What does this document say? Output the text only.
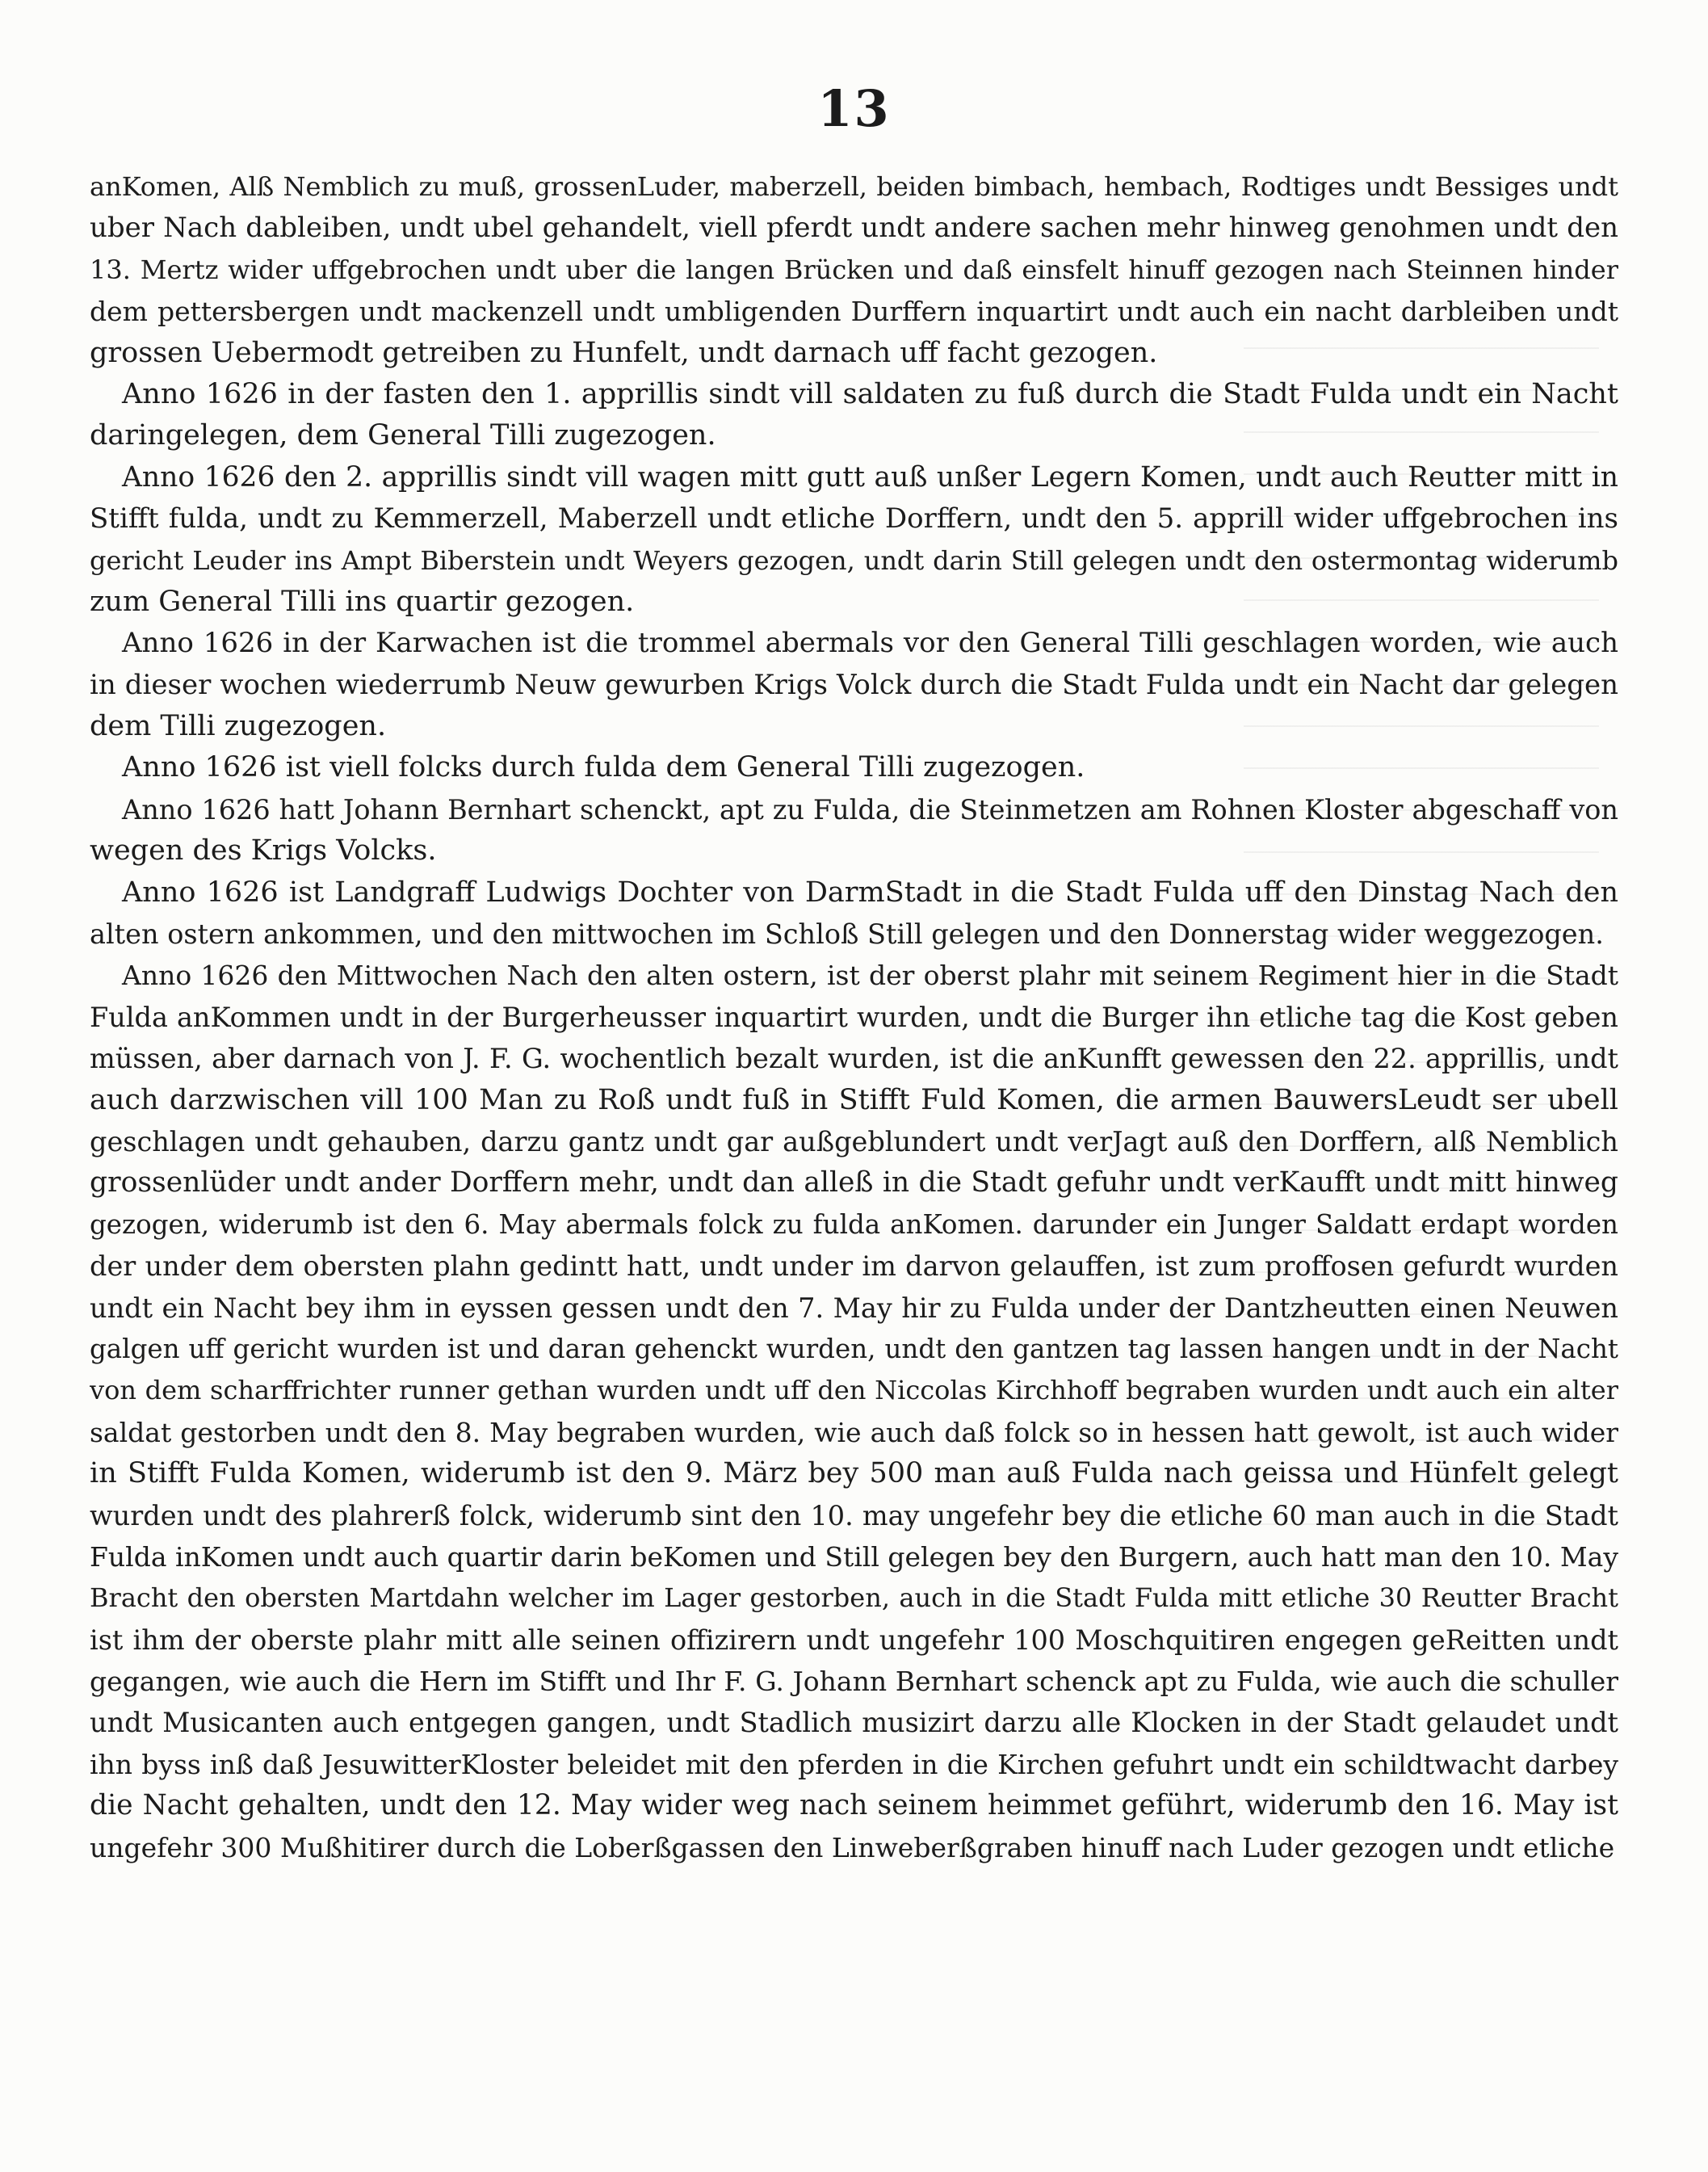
13
anKomen, Alß Nemblich zu muß, grossenLuder, maberzell, beiden bimbach, hembach, Rodtiges undt Bessiges undt
uber Nach dableiben, undt ubel gehandelt, viell pferdt undt andere sachen mehr hinweg genohmen undt den
13. Mertz wider uffgebrochen undt uber die langen Brücken und daß einsfelt hinuff gezogen nach Steinnen hinder
dem pettersbergen undt mackenzell undt umbligenden Durffern inquartirt undt auch ein nacht darbleiben undt
grossen Uebermodt getreiben zu Hunfelt, undt darnach uff facht gezogen.
Anno 1626 in der fasten den 1. apprillis sindt vill saldaten zu fuß durch die Stadt Fulda undt ein Nacht
daringelegen, dem General Tilli zugezogen.
Anno 1626 den 2. apprillis sindt vill wagen mitt gutt auß unßer Legern Komen, undt auch Reutter mitt in
Stifft fulda, undt zu Kemmerzell, Maberzell undt etliche Dorffern, undt den 5. apprill wider uffgebrochen ins
gericht Leuder ins Ampt Biberstein undt Weyers gezogen, undt darin Still gelegen undt den ostermontag widerumb
zum General Tilli ins quartir gezogen.
Anno 1626 in der Karwachen ist die trommel abermals vor den General Tilli geschlagen worden, wie auch
in dieser wochen wiederrumb Neuw gewurben Krigs Volck durch die Stadt Fulda undt ein Nacht dar gelegen
dem Tilli zugezogen.
Anno 1626 ist viell folcks durch fulda dem General Tilli zugezogen.
Anno 1626 hatt Johann Bernhart schenckt, apt zu Fulda, die Steinmetzen am Rohnen Kloster abgeschaff von
wegen des Krigs Volcks.
Anno 1626 ist Landgraff Ludwigs Dochter von DarmStadt in die Stadt Fulda uff den Dinstag Nach den
alten ostern ankommen, und den mittwochen im Schloß Still gelegen und den Donnerstag wider weggezogen.
Anno 1626 den Mittwochen Nach den alten ostern, ist der oberst plahr mit seinem Regiment hier in die Stadt
Fulda anKommen undt in der Burgerheusser inquartirt wurden, undt die Burger ihn etliche tag die Kost geben
müssen, aber darnach von J. F. G. wochentlich bezalt wurden, ist die anKunfft gewessen den 22. apprillis, undt
auch darzwischen vill 100 Man zu Roß undt fuß in Stifft Fuld Komen, die armen BauwersLeudt ser ubell
geschlagen undt gehauben, darzu gantz undt gar außgeblundert undt verJagt auß den Dorffern, alß Nemblich
grossenlüder undt ander Dorffern mehr, undt dan alleß in die Stadt gefuhr undt verKaufft undt mitt hinweg
gezogen, widerumb ist den 6. May abermals folck zu fulda anKomen. darunder ein Junger Saldatt erdapt worden
der under dem obersten plahn gedintt hatt, undt under im darvon gelauffen, ist zum proffosen gefurdt wurden
undt ein Nacht bey ihm in eyssen gessen undt den 7. May hir zu Fulda under der Dantzheutten einen Neuwen
galgen uff gericht wurden ist und daran gehenckt wurden, undt den gantzen tag lassen hangen undt in der Nacht
von dem scharffrichter runner gethan wurden undt uff den Niccolas Kirchhoff begraben wurden undt auch ein alter
saldat gestorben undt den 8. May begraben wurden, wie auch daß folck so in hessen hatt gewolt, ist auch wider
in Stifft Fulda Komen, widerumb ist den 9. März bey 500 man auß Fulda nach geissa und Hünfelt gelegt
wurden undt des plahrerß folck, widerumb sint den 10. may ungefehr bey die etliche 60 man auch in die Stadt
Fulda inKomen undt auch quartir darin beKomen und Still gelegen bey den Burgern, auch hatt man den 10. May
Bracht den obersten Martdahn welcher im Lager gestorben, auch in die Stadt Fulda mitt etliche 30 Reutter Bracht
ist ihm der oberste plahr mitt alle seinen offizirern undt ungefehr 100 Moschquitiren engegen geReitten undt
gegangen, wie auch die Hern im Stifft und Ihr F. G. Johann Bernhart schenck apt zu Fulda, wie auch die schuller
undt Musicanten auch entgegen gangen, undt Stadlich musizirt darzu alle Klocken in der Stadt gelaudet undt
ihn byss inß daß JesuwitterKloster beleidet mit den pferden in die Kirchen gefuhrt undt ein schildtwacht darbey
die Nacht gehalten, undt den 12. May wider weg nach seinem heimmet geführt, widerumb den 16. May ist
ungefehr 300 Mußhitirer durch die Loberßgassen den Linweberßgraben hinuff nach Luder gezogen undt etliche
